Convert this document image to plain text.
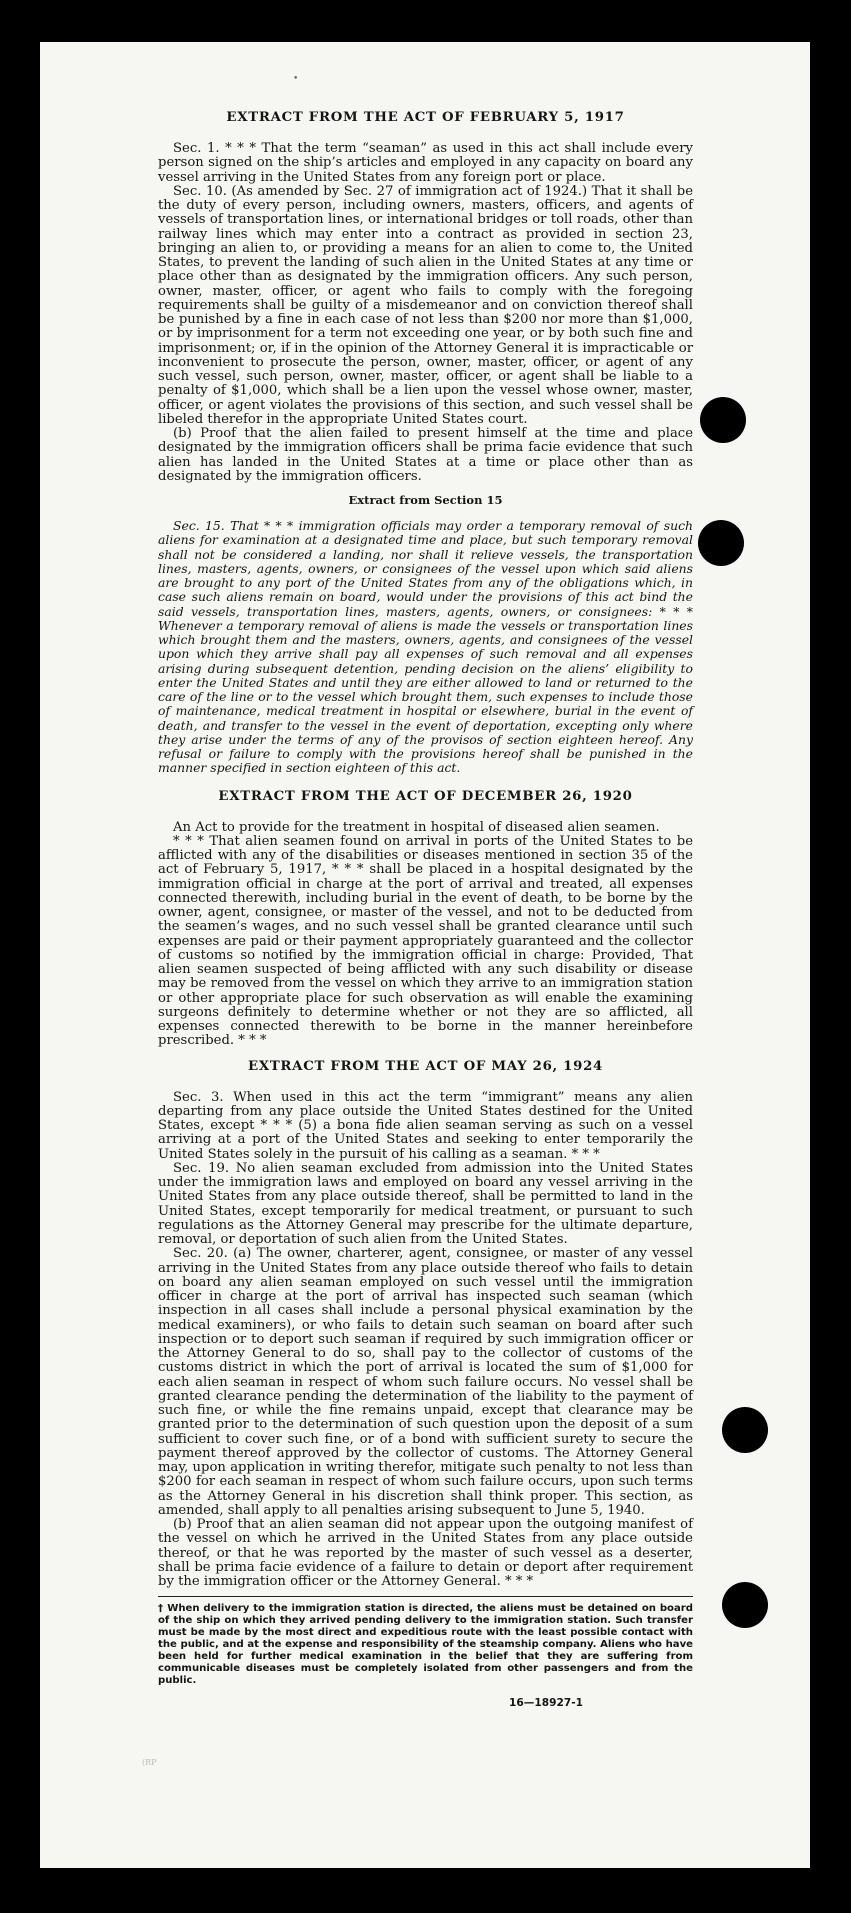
•
EXTRACT FROM THE ACT OF FEBRUARY 5, 1917

Sec. 1. * * * That the term “seaman” as used in this act shall include every person signed on the ship’s articles and employed in any capacity on board any vessel arriving in the United States from any foreign port or place.

Sec. 10. (As amended by Sec. 27 of immigration act of 1924.) That it shall be the duty of every person, including owners, masters, officers, and agents of vessels of transportation lines, or international bridges or toll roads, other than railway lines which may enter into a contract as provided in section 23, bringing an alien to, or providing a means for an alien to come to, the United States, to prevent the landing of such alien in the United States at any time or place other than as designated by the immigration officers. Any such person, owner, master, officer, or agent who fails to comply with the foregoing requirements shall be guilty of a misdemeanor and on conviction thereof shall be punished by a fine in each case of not less than $200 nor more than $1,000, or by imprisonment for a term not exceeding one year, or by both such fine and imprisonment; or, if in the opinion of the Attorney General it is impracticable or inconvenient to prosecute the person, owner, master, officer, or agent of any such vessel, such person, owner, master, officer, or agent shall be liable to a penalty of $1,000, which shall be a lien upon the vessel whose owner, master, officer, or agent violates the provisions of this section, and such vessel shall be libeled therefor in the appropriate United States court.

(b) Proof that the alien failed to present himself at the time and place designated by the immigration officers shall be prima facie evidence that such alien has landed in the United States at a time or place other than as designated by the immigration officers.

Extract from Section 15

Sec. 15. That * * * immigration officials may order a temporary removal of such aliens for examination at a designated time and place, but such temporary removal shall not be considered a landing, nor shall it relieve vessels, the transportation lines, masters, agents, owners, or consignees of the vessel upon which said aliens are brought to any port of the United States from any of the obligations which, in case such aliens remain on board, would under the provisions of this act bind the said vessels, transportation lines, masters, agents, owners, or consignees: * * * Whenever a temporary removal of aliens is made the vessels or transportation lines which brought them and the masters, owners, agents, and consignees of the vessel upon which they arrive shall pay all expenses of such removal and all expenses arising during subsequent detention, pending decision on the aliens’ eligibility to enter the United States and until they are either allowed to land or returned to the care of the line or to the vessel which brought them, such expenses to include those of maintenance, medical treatment in hospital or elsewhere, burial in the event of death, and transfer to the vessel in the event of deportation, excepting only where they arise under the terms of any of the provisos of section eighteen hereof. Any refusal or failure to comply with the provisions hereof shall be punished in the manner specified in section eighteen of this act.

EXTRACT FROM THE ACT OF DECEMBER 26, 1920

An Act to provide for the treatment in hospital of diseased alien seamen.

* * * That alien seamen found on arrival in ports of the United States to be afflicted with any of the disabilities or diseases mentioned in section 35 of the act of February 5, 1917, * * * shall be placed in a hospital designated by the immigration official in charge at the port of arrival and treated, all expenses connected therewith, including burial in the event of death, to be borne by the owner, agent, consignee, or master of the vessel, and not to be deducted from the seamen’s wages, and no such vessel shall be granted clearance until such expenses are paid or their payment appropriately guaranteed and the collector of customs so notified by the immigration official in charge: Provided, That alien seamen suspected of being afflicted with any such disability or disease may be removed from the vessel on which they arrive to an immigration station or other appropriate place for such observation as will enable the examining surgeons definitely to determine whether or not they are so afflicted, all expenses connected therewith to be borne in the manner hereinbefore prescribed. * * *

EXTRACT FROM THE ACT OF MAY 26, 1924

Sec. 3. When used in this act the term “immigrant” means any alien departing from any place outside the United States destined for the United States, except * * * (5) a bona fide alien seaman serving as such on a vessel arriving at a port of the United States and seeking to enter temporarily the United States solely in the pursuit of his calling as a seaman. * * *

Sec. 19. No alien seaman excluded from admission into the United States under the immigration laws and employed on board any vessel arriving in the United States from any place outside thereof, shall be permitted to land in the United States, except temporarily for medical treatment, or pursuant to such regulations as the Attorney General may prescribe for the ultimate departure, removal, or deportation of such alien from the United States.

Sec. 20. (a) The owner, charterer, agent, consignee, or master of any vessel arriving in the United States from any place outside thereof who fails to detain on board any alien seaman employed on such vessel until the immigration officer in charge at the port of arrival has inspected such seaman (which inspection in all cases shall include a personal physical examination by the medical examiners), or who fails to detain such seaman on board after such inspection or to deport such seaman if required by such immigration officer or the Attorney General to do so, shall pay to the collector of customs of the customs district in which the port of arrival is located the sum of $1,000 for each alien seaman in respect of whom such failure occurs. No vessel shall be granted clearance pending the determination of the liability to the payment of such fine, or while the fine remains unpaid, except that clearance may be granted prior to the determination of such question upon the deposit of a sum sufficient to cover such fine, or of a bond with sufficient surety to secure the payment thereof approved by the collector of customs. The Attorney General may, upon application in writing therefor, mitigate such penalty to not less than $200 for each seaman in respect of whom such failure occurs, upon such terms as the Attorney General in his discretion shall think proper. This section, as amended, shall apply to all penalties arising subsequent to June 5, 1940.

(b) Proof that an alien seaman did not appear upon the outgoing manifest of the vessel on which he arrived in the United States from any place outside thereof, or that he was reported by the master of such vessel as a deserter, shall be prima facie evidence of a failure to detain or deport after requirement by the immigration officer or the Attorney General. * * *

† When delivery to the immigration station is directed, the aliens must be detained on board of the ship on which they arrived pending delivery to the immigration station. Such transfer must be made by the most direct and expeditious route with the least possible contact with the public, and at the expense and responsibility of the steamship company. Aliens who have been held for further medical examination in the belief that they are suffering from communicable diseases must be completely isolated from other passengers and from the public.

16—18927-1
(RP
